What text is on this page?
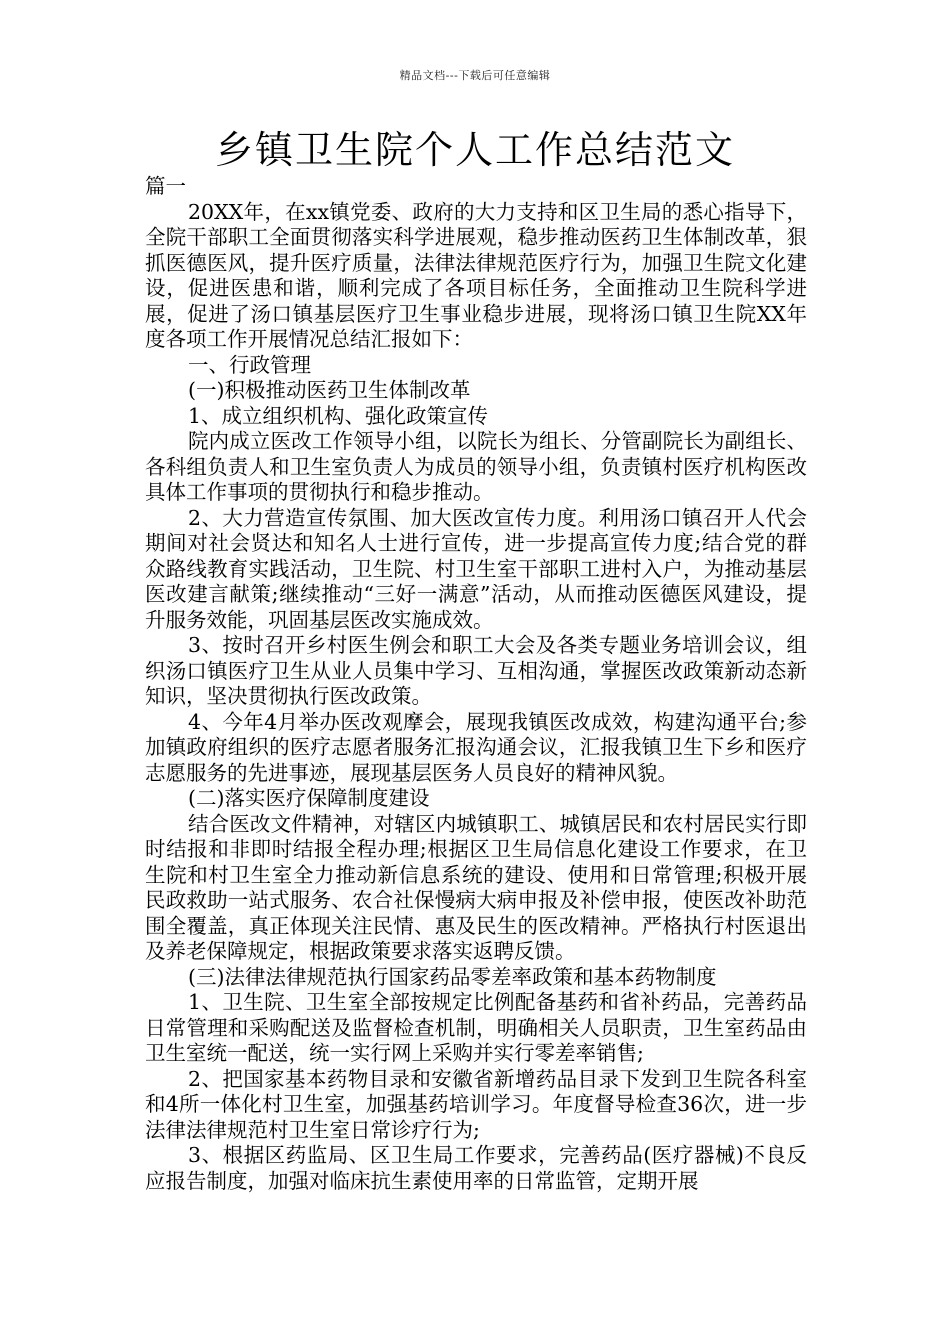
精品文档---下载后可任意编辑
乡镇卫生院个人工作总结范文

篇一

20XX年，在xx镇党委、政府的大力支持和区卫生局的悉心指导下，全院干部职工全面贯彻落实科学进展观，稳步推动医药卫生体制改革，狠抓医德医风，提升医疗质量，法律法律规范医疗行为，加强卫生院文化建设，促进医患和谐，顺利完成了各项目标任务，全面推动卫生院科学进展，促进了汤口镇基层医疗卫生事业稳步进展，现将汤口镇卫生院XX年度各项工作开展情况总结汇报如下：

一、行政管理

(一)积极推动医药卫生体制改革

1、成立组织机构、强化政策宣传

院内成立医改工作领导小组，以院长为组长、分管副院长为副组长、各科组负责人和卫生室负责人为成员的领导小组，负责镇村医疗机构医改具体工作事项的贯彻执行和稳步推动。

2、大力营造宣传氛围、加大医改宣传力度。利用汤口镇召开人代会期间对社会贤达和知名人士进行宣传，进一步提高宣传力度;结合党的群众路线教育实践活动，卫生院、村卫生室干部职工进村入户，为推动基层医改建言献策;继续推动“三好一满意”活动，从而推动医德医风建设，提升服务效能，巩固基层医改实施成效。

3、按时召开乡村医生例会和职工大会及各类专题业务培训会议，组织汤口镇医疗卫生从业人员集中学习、互相沟通，掌握医改政策新动态新知识，坚决贯彻执行医改政策。

4、今年4月举办医改观摩会，展现我镇医改成效，构建沟通平台;参加镇政府组织的医疗志愿者服务汇报沟通会议，汇报我镇卫生下乡和医疗志愿服务的先进事迹，展现基层医务人员良好的精神风貌。

(二)落实医疗保障制度建设

结合医改文件精神，对辖区内城镇职工、城镇居民和农村居民实行即时结报和非即时结报全程办理;根据区卫生局信息化建设工作要求，在卫生院和村卫生室全力推动新信息系统的建设、使用和日常管理;积极开展民政救助一站式服务、农合社保慢病大病申报及补偿申报，使医改补助范围全覆盖，真正体现关注民情、惠及民生的医改精神。严格执行村医退出及养老保障规定，根据政策要求落实返聘反馈。

(三)法律法律规范执行国家药品零差率政策和基本药物制度

1、卫生院、卫生室全部按规定比例配备基药和省补药品，完善药品日常管理和采购配送及监督检查机制，明确相关人员职责，卫生室药品由卫生室统一配送，统一实行网上采购并实行零差率销售;

2、把国家基本药物目录和安徽省新增药品目录下发到卫生院各科室和4所一体化村卫生室，加强基药培训学习。年度督导检查36次，进一步法律法律规范村卫生室日常诊疗行为;

3、根据区药监局、区卫生局工作要求，完善药品(医疗器械)不良反应报告制度，加强对临床抗生素使用率的日常监管，定期开展
